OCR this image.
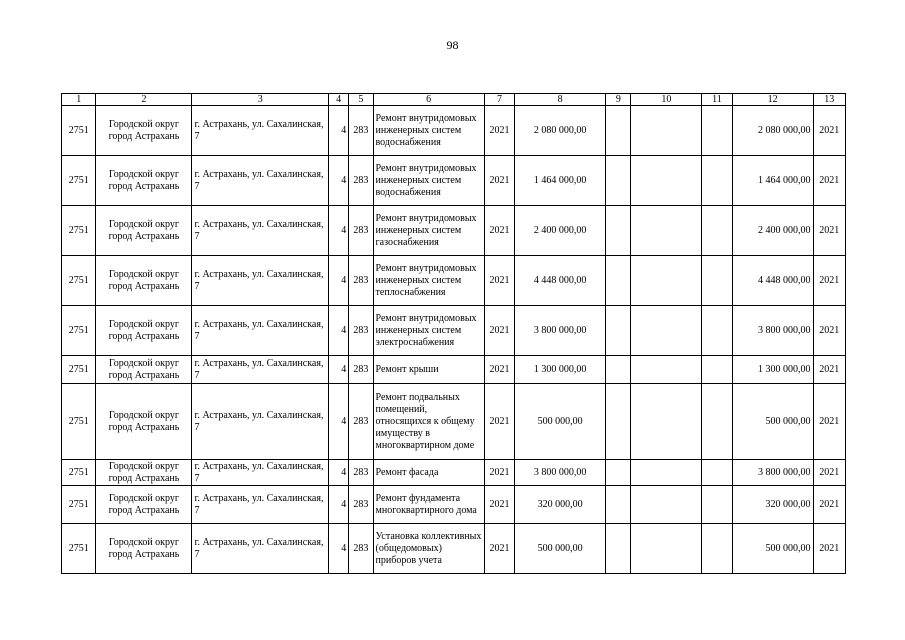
98
1	2	3	4	5	6	7	8	9	10	11	12	13
2751	Городской округ город Астрахань	г. Астрахань, ул. Сахалинская, 7	4	283	Ремонт внутридомовых инженерных систем водоснабжения	2021	2 080 000,00				2 080 000,00	2021
2751	Городской округ город Астрахань	г. Астрахань, ул. Сахалинская, 7	4	283	Ремонт внутридомовых инженерных систем водоснабжения	2021	1 464 000,00				1 464 000,00	2021
2751	Городской округ город Астрахань	г. Астрахань, ул. Сахалинская, 7	4	283	Ремонт внутридомовых инженерных систем газоснабжения	2021	2 400 000,00				2 400 000,00	2021
2751	Городской округ город Астрахань	г. Астрахань, ул. Сахалинская, 7	4	283	Ремонт внутридомовых инженерных систем теплоснабжения	2021	4 448 000,00				4 448 000,00	2021
2751	Городской округ город Астрахань	г. Астрахань, ул. Сахалинская, 7	4	283	Ремонт внутридомовых инженерных систем электроснабжения	2021	3 800 000,00				3 800 000,00	2021
2751	Городской округ город Астрахань	г. Астрахань, ул. Сахалинская, 7	4	283	Ремонт крыши	2021	1 300 000,00				1 300 000,00	2021
2751	Городской округ город Астрахань	г. Астрахань, ул. Сахалинская, 7	4	283	Ремонт подвальных помещений, относящихся к общему имуществу в многоквартирном доме	2021	500 000,00				500 000,00	2021
2751	Городской округ город Астрахань	г. Астрахань, ул. Сахалинская, 7	4	283	Ремонт фасада	2021	3 800 000,00				3 800 000,00	2021
2751	Городской округ город Астрахань	г. Астрахань, ул. Сахалинская, 7	4	283	Ремонт фундамента многоквартирного дома	2021	320 000,00				320 000,00	2021
2751	Городской округ город Астрахань	г. Астрахань, ул. Сахалинская, 7	4	283	Установка коллективных (общедомовых) приборов учета	2021	500 000,00				500 000,00	2021
